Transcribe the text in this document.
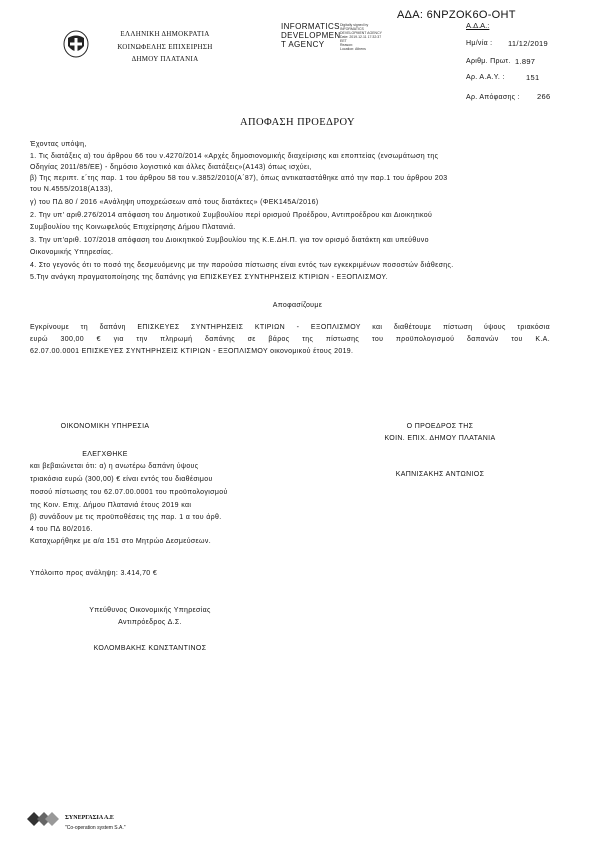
ΕΛΛΗΝΙΚΗ ΔΗΜΟΚΡΑΤΙΑ
ΚΟΙΝΩΦΕΛΗΣ ΕΠΙΧΕΙΡΗΣΗ
ΔΗΜΟΥ ΠΛΑΤΑΝΙΑ
INFORMATICS
DEVELOPMEN
T AGENCY
Digitally signed by
INFORMATICS
DEVELOPMENT AGENCY
Date: 2019.12.11 17:32:37
EET
Reason:
Location: Athens
ΑΔΑ: 6ΝΡΖΟΚ6Ο-ΟΗΤ
Α.Δ.Α.:
Ημ/νία : 11/12/2019
Αριθμ. Πρωτ. 1.897
Αρ. Α.Α.Υ. :	151
Αρ. Απόφασης : 266
ΑΠΟΦΑΣΗ ΠΡΟΕΔΡΟΥ
Έχοντας υπόψη,
1. Τις διατάξεις α) του άρθρου 66 του ν.4270/2014 «Αρχές δημοσιονομικής διαχείρισης και εποπτείας (ενσωμάτωση της
Οδηγίας 2011/85/ΕΕ) - δημόσιο λογιστικό και άλλες διατάξεις»(Α143) όπως ισχύει,
β) Της περιπτ. ε΄της παρ. 1 του άρθρου 58 του ν.3852/2010(Α΄87), όπως αντικαταστάθηκε από την παρ.1 του άρθρου 203
του Ν.4555/2018(Α133),
γ) του ΠΔ 80 / 2016 «Ανάληψη υποχρεώσεων από τους διατάκτες» (ΦΕΚ145Α/2016)
2. Την υπ' αριθ.276/2014 απόφαση του Δημοτικού Συμβουλίου περί ορισμού Προέδρου, Αντιπροέδρου και Διοικητικού
Συμβουλίου της Κοινωφελούς Επιχείρησης Δήμου Πλατανιά.
3. Την υπ'αριθ. 107/2018 απόφαση του Διοικητικού Συμβουλίου της Κ.Ε.ΔΗ.Π. για τον ορισμό διατάκτη και υπεύθυνο
Οικονομικής Υπηρεσίας.
4. Στο γεγονός ότι το ποσό της δεσμευόμενης με την παρούσα πίστωσης είναι εντός των εγκεκριμένων ποσοστών διάθεσης.
5.Την ανάγκη πραγματοποίησης της δαπάνης για ΕΠΙΣΚΕΥΕΣ ΣΥΝΤΗΡΗΣΕΙΣ ΚΤΙΡΙΩΝ - ΕΞΟΠΛΙΣΜΟΥ.
Αποφασίζουμε
Εγκρίνουμε τη δαπάνη ΕΠΙΣΚΕΥΕΣ ΣΥΝΤΗΡΗΣΕΙΣ ΚΤΙΡΙΩΝ - ΕΞΟΠΛΙΣΜΟΥ και διαθέτουμε πίστωση ύψους τριακόσια
ευρώ 300,00 € για την πληρωμή δαπάνης σε βάρος της πίστωσης του προϋπολογισμού δαπανών του Κ.Α.
62.07.00.0001 ΕΠΙΣΚΕΥΕΣ ΣΥΝΤΗΡΗΣΕΙΣ ΚΤΙΡΙΩΝ - ΕΞΟΠΛΙΣΜΟΥ οικονομικού έτους 2019.
ΟΙΚΟΝΟΜΙΚΗ ΥΠΗΡΕΣΙΑ
ΕΛΕΓΧΘΗΚΕ
και βεβαιώνεται ότι: α) η ανωτέρω δαπάνη ύψους
τριακόσια ευρώ (300,00) € είναι εντός του διαθέσιμου
ποσού πίστωσης του 62.07.00.0001 του προϋπολογισμού
της Κοιν. Επιχ. Δήμου Πλατανιά έτους 2019 και
β) συνάδουν με τις προϋποθέσεις της παρ. 1 α του άρθ.
4 του ΠΔ 80/2016.
Καταχωρήθηκε με α/α 151 στο Μητρώο Δεσμεύσεων.
Υπόλοιπο προς ανάληψη: 3.414,70 €
Υπεύθυνος Οικονομικής Υπηρεσίας
Αντιπρόεδρος Δ.Σ.
ΚΟΛΟΜΒΑΚΗΣ ΚΩΝΣΤΑΝΤΙΝΟΣ
Ο ΠΡΟΕΔΡΟΣ ΤΗΣ
ΚΟΙΝ. ΕΠΙΧ. ΔΗΜΟΥ ΠΛΑΤΑΝΙΑ
ΚΑΠΝΙΣΑΚΗΣ ΑΝΤΩΝΙΟΣ
ΣΥΝΕΡΓΑΣΙΑ Α.Ε
"Co-operation system S.A."
